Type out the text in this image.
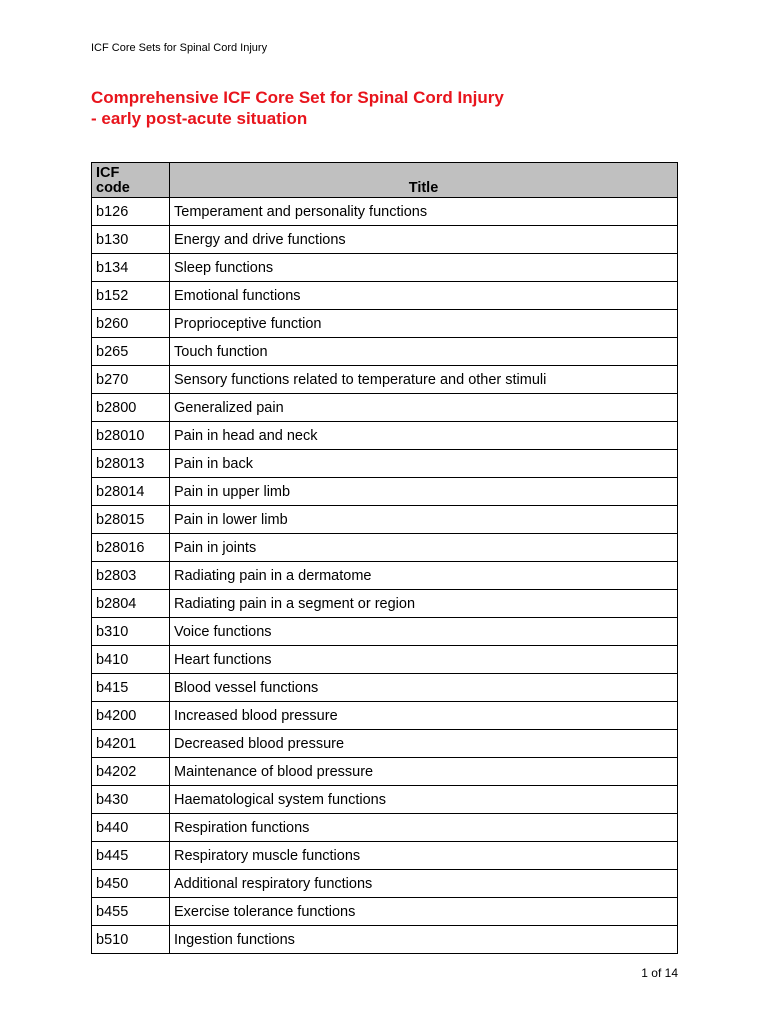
ICF Core Sets for Spinal Cord Injury
Comprehensive ICF Core Set for Spinal Cord Injury
- early post-acute situation
ICF
code	Title
b126	Temperament and personality functions
b130	Energy and drive functions
b134	Sleep functions
b152	Emotional functions
b260	Proprioceptive function
b265	Touch function
b270	Sensory functions related to temperature and other stimuli
b2800	Generalized pain
b28010	Pain in head and neck
b28013	Pain in back
b28014	Pain in upper limb
b28015	Pain in lower limb
b28016	Pain in joints
b2803	Radiating pain in a dermatome
b2804	Radiating pain in a segment or region
b310	Voice functions
b410	Heart functions
b415	Blood vessel functions
b4200	Increased blood pressure
b4201	Decreased blood pressure
b4202	Maintenance of blood pressure
b430	Haematological system functions
b440	Respiration functions
b445	Respiratory muscle functions
b450	Additional respiratory functions
b455	Exercise tolerance functions
b510	Ingestion functions
1 of 14
